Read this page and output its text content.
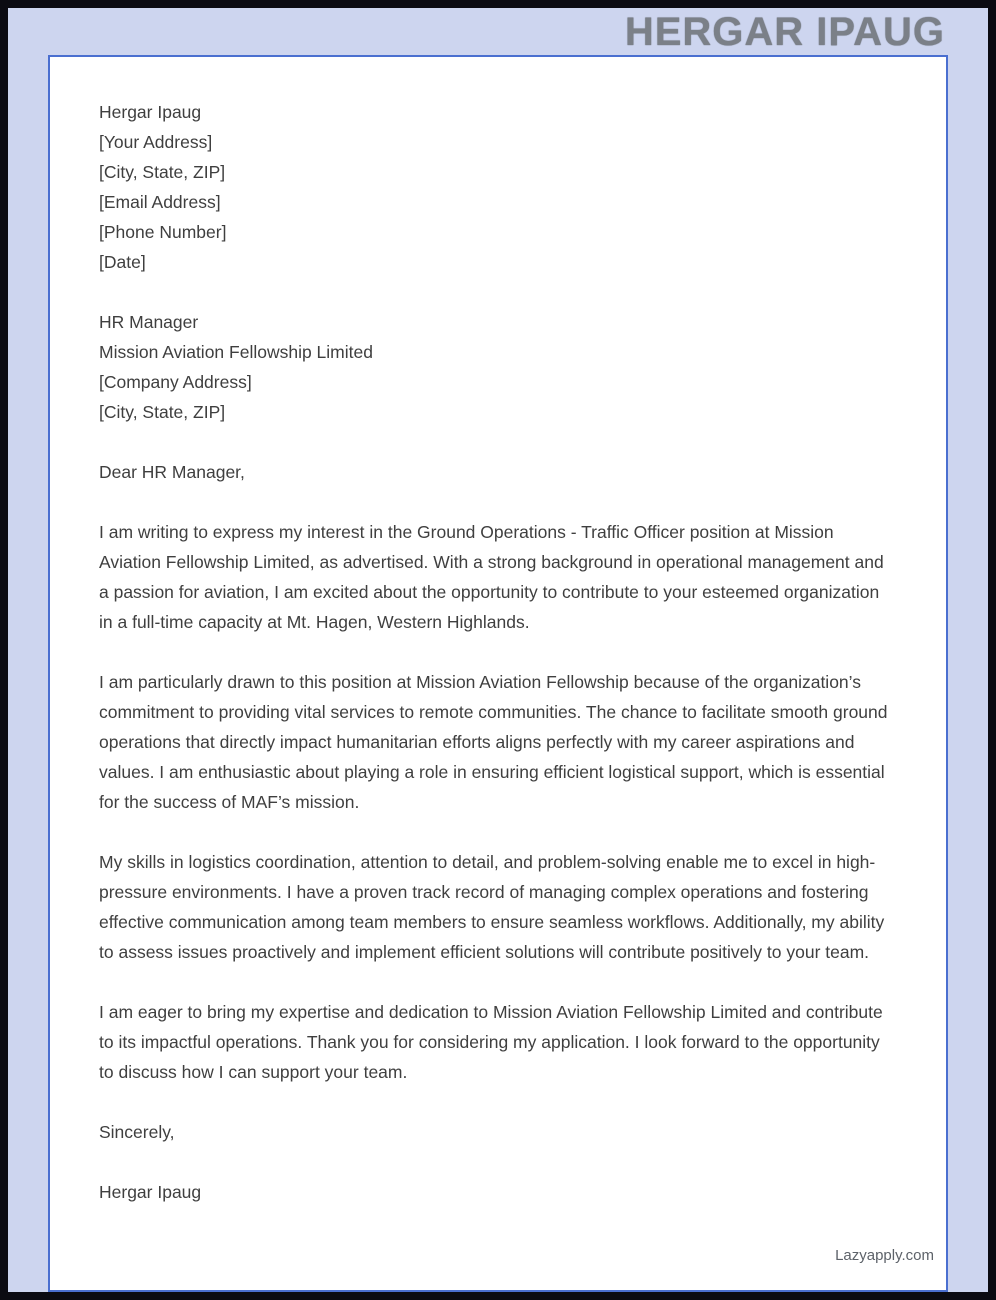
HERGAR IPAUG
Hergar Ipaug
[Your Address]
[City, State, ZIP]
[Email Address]
[Phone Number]
[Date]
HR Manager
Mission Aviation Fellowship Limited
[Company Address]
[City, State, ZIP]
Dear HR Manager,

I am writing to express my interest in the Ground Operations - Traffic Officer position at Mission Aviation Fellowship Limited, as advertised. With a strong background in operational management and a passion for aviation, I am excited about the opportunity to contribute to your esteemed organization in a full-time capacity at Mt. Hagen, Western Highlands.

I am particularly drawn to this position at Mission Aviation Fellowship because of the organization’s commitment to providing vital services to remote communities. The chance to facilitate smooth ground operations that directly impact humanitarian efforts aligns perfectly with my career aspirations and values. I am enthusiastic about playing a role in ensuring efficient logistical support, which is essential for the success of MAF’s mission.

My skills in logistics coordination, attention to detail, and problem-solving enable me to excel in high-pressure environments. I have a proven track record of managing complex operations and fostering effective communication among team members to ensure seamless workflows. Additionally, my ability to assess issues proactively and implement efficient solutions will contribute positively to your team.

I am eager to bring my expertise and dedication to Mission Aviation Fellowship Limited and contribute to its impactful operations. Thank you for considering my application. I look forward to the opportunity to discuss how I can support your team.

Sincerely,
Hergar Ipaug
Lazyapply.com
